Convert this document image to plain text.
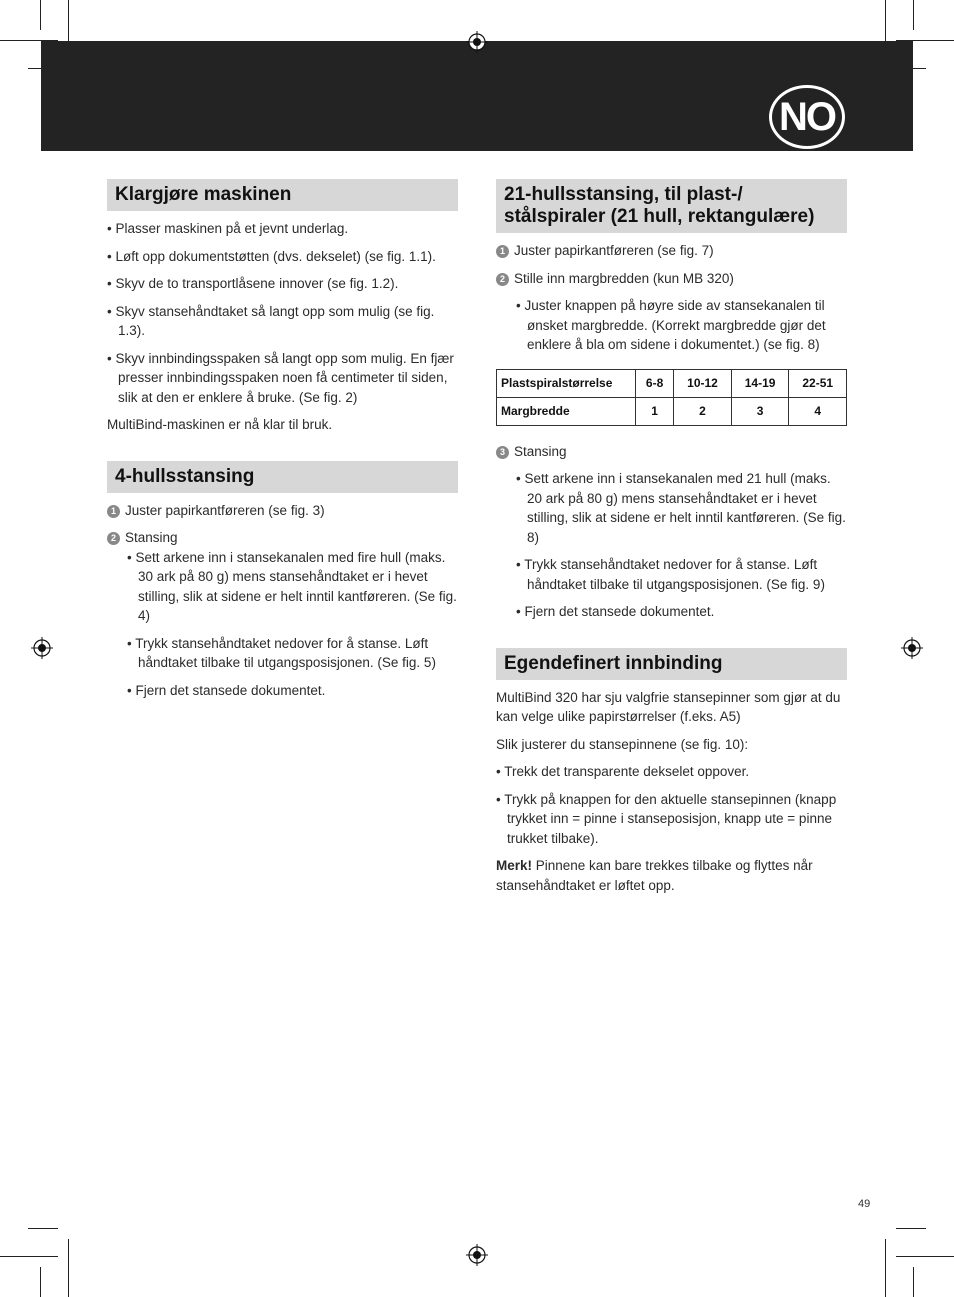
NO
Klargjøre maskinen

• Plasser maskinen på et jevnt underlag.

• Løft opp dokumentstøtten (dvs. dekselet) (se fig. 1.1).

• Skyv de to transportlåsene innover (se fig. 1.2).

• Skyv stansehåndtaket så langt opp som mulig (se fig. 1.3).

• Skyv innbindingsspaken så langt opp som mulig. En fjær presser innbindingsspaken noen få centimeter til siden, slik at den er enklere å bruke. (Se fig. 2)

MultiBind-maskinen er nå klar til bruk.

4-hullsstansing

1 Juster papirkantføreren (se fig. 3)

2 Stansing

• Sett arkene inn i stansekanalen med fire hull (maks. 30 ark på 80 g) mens stansehåndtaket er i hevet stilling, slik at sidene er helt inntil kantføreren. (Se fig. 4)

• Trykk stansehåndtaket nedover for å stanse. Løft håndtaket tilbake til utgangsposisjonen. (Se fig. 5)

• Fjern det stansede dokumentet.

21-hullsstansing, til plast-/ stålspiraler (21 hull, rektangulære)

1 Juster papirkantføreren (se fig. 7)

2 Stille inn margbredden (kun MB 320)

• Juster knappen på høyre side av stansekanalen til ønsket margbredde. (Korrekt margbredde gjør det enklere å bla om sidene i dokumentet.) (se fig. 8)

Plastspiralstørrelse	6-8	10-12	14-19	22-51
Margbredde	1	2	3	4

3 Stansing

• Sett arkene inn i stansekanalen med 21 hull (maks. 20 ark på 80 g) mens stansehåndtaket er i hevet stilling, slik at sidene er helt inntil kantføreren. (Se fig. 8)

• Trykk stansehåndtaket nedover for å stanse. Løft håndtaket tilbake til utgangsposisjonen. (Se fig. 9)

• Fjern det stansede dokumentet.

Egendefinert innbinding

MultiBind 320 har sju valgfrie stansepinner som gjør at du kan velge ulike papirstørrelser (f.eks. A5)

Slik justerer du stansepinnene (se fig. 10):

• Trekk det transparente dekselet oppover.

• Trykk på knappen for den aktuelle stansepinnen (knapp trykket inn = pinne i stanseposisjon, knapp ute = pinne trukket tilbake).

Merk! Pinnene kan bare trekkes tilbake og flyttes når stansehåndtaket er løftet opp.

49
